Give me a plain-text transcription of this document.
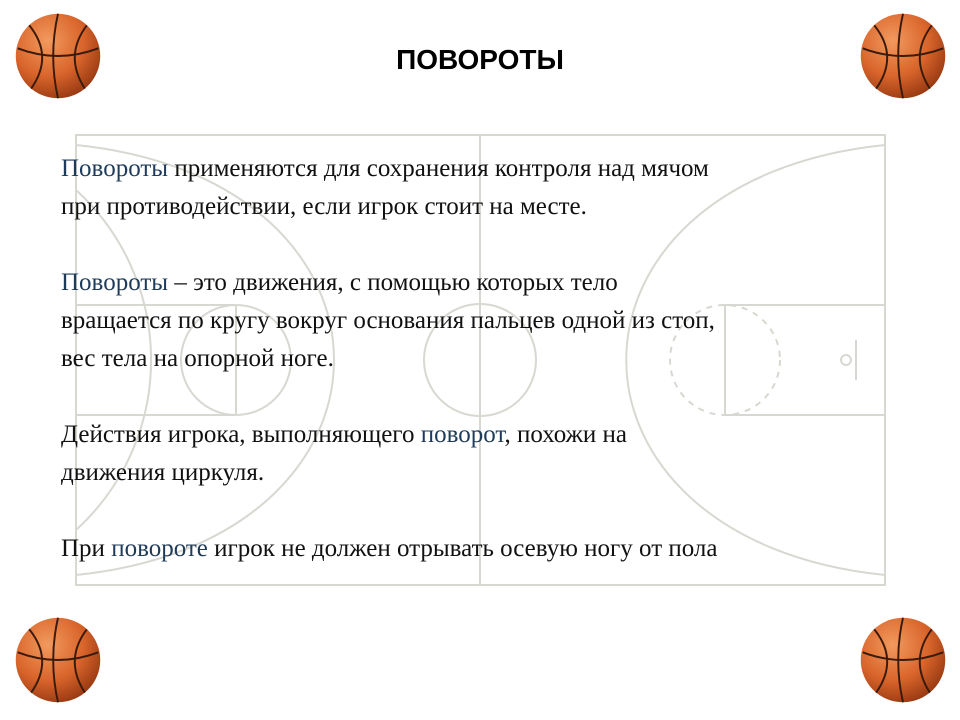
ПОВОРОТЫ

Повороты применяются для сохранения контроля над мячом
при противодействии, если игрок стоит на месте.

Повороты – это движения, с помощью которых тело
вращается по кругу вокруг основания пальцев одной из стоп,
вес тела на опорной ноге.

Действия игрока, выполняющего поворот, похожи на
движения циркуля.

При повороте игрок не должен отрывать осевую ногу от пола
